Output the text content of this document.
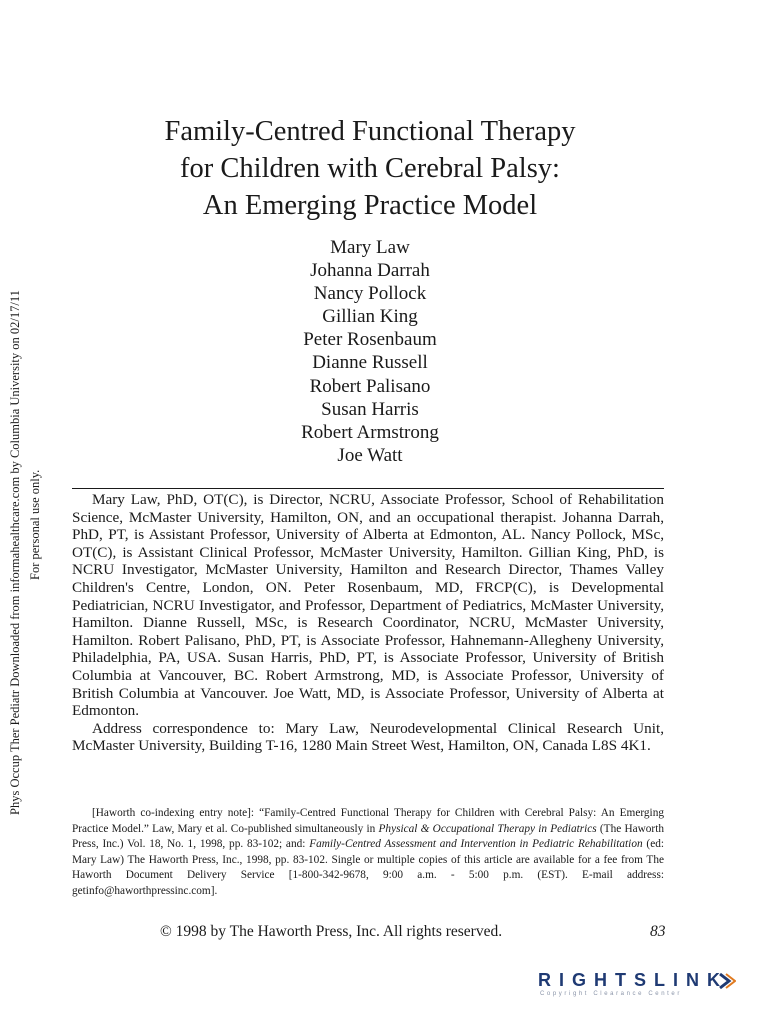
Phys Occup Ther Pediatr Downloaded from informahealthcare.com by Columbia University on 02/17/11 For personal use only.
Family-Centred Functional Therapy
for Children with Cerebral Palsy:
An Emerging Practice Model
Mary Law
Johanna Darrah
Nancy Pollock
Gillian King
Peter Rosenbaum
Dianne Russell
Robert Palisano
Susan Harris
Robert Armstrong
Joe Watt

Mary Law, PhD, OT(C), is Director, NCRU, Associate Professor, School of Rehabilitation Science, McMaster University, Hamilton, ON, and an occupational therapist. Johanna Darrah, PhD, PT, is Assistant Professor, University of Alberta at Edmonton, AL. Nancy Pollock, MSc, OT(C), is Assistant Clinical Professor, McMaster University, Hamilton. Gillian King, PhD, is NCRU Investigator, McMaster University, Hamilton and Research Director, Thames Valley Children's Centre, London, ON. Peter Rosenbaum, MD, FRCP(C), is Developmental Pediatrician, NCRU Investigator, and Professor, Department of Pediatrics, McMaster University, Hamilton. Dianne Russell, MSc, is Research Coordinator, NCRU, McMaster University, Hamilton. Robert Palisano, PhD, PT, is Associate Professor, Hahnemann-Allegheny University, Philadelphia, PA, USA. Susan Harris, PhD, PT, is Associate Professor, University of British Columbia at Vancouver, BC. Robert Armstrong, MD, is Associate Professor, University of British Columbia at Vancouver. Joe Watt, MD, is Associate Professor, University of Alberta at Edmonton.

Address correspondence to: Mary Law, Neurodevelopmental Clinical Research Unit, McMaster University, Building T-16, 1280 Main Street West, Hamilton, ON, Canada L8S 4K1.

[Haworth co-indexing entry note]: “Family-Centred Functional Therapy for Children with Cerebral Palsy: An Emerging Practice Model.” Law, Mary et al. Co-published simultaneously in Physical & Occupational Therapy in Pediatrics (The Haworth Press, Inc.) Vol. 18, No. 1, 1998, pp. 83-102; and: Family-Centred Assessment and Intervention in Pediatric Rehabilitation (ed: Mary Law) The Haworth Press, Inc., 1998, pp. 83-102. Single or multiple copies of this article are available for a fee from The Haworth Document Delivery Service [1-800-342-9678, 9:00 a.m. - 5:00 p.m. (EST). E-mail address: getinfo@haworthpressinc.com].

© 1998 by The Haworth Press, Inc. All rights reserved.	83
RIGHTSLINK
Copyright Clearance Center
